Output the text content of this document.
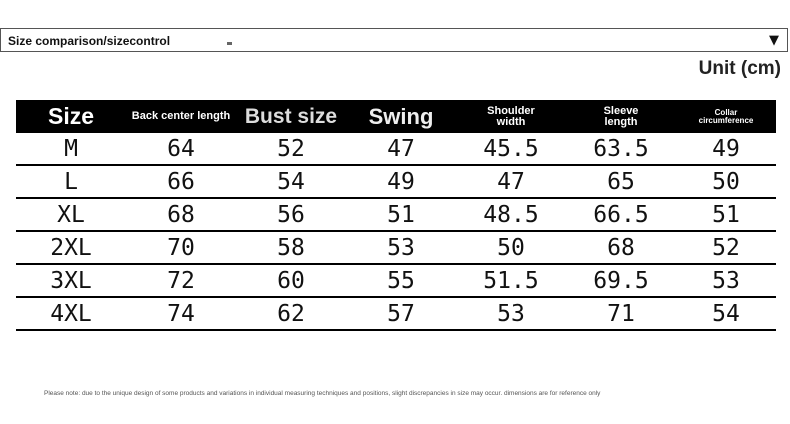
Size comparison/sizecontrol	▼
Unit (cm)
Size	Back center length	Bust size	Swing	Shoulder width	Sleeve length	Collar circumference
M	64	52	47	45.5	63.5	49
L	66	54	49	47	65	50
XL	68	56	51	48.5	66.5	51
2XL	70	58	53	50	68	52
3XL	72	60	55	51.5	69.5	53
4XL	74	62	57	53	71	54
Please note: due to the unique design of some products and variations in individual measuring techniques and positions, slight discrepancies in size may occur. dimensions are for reference only
